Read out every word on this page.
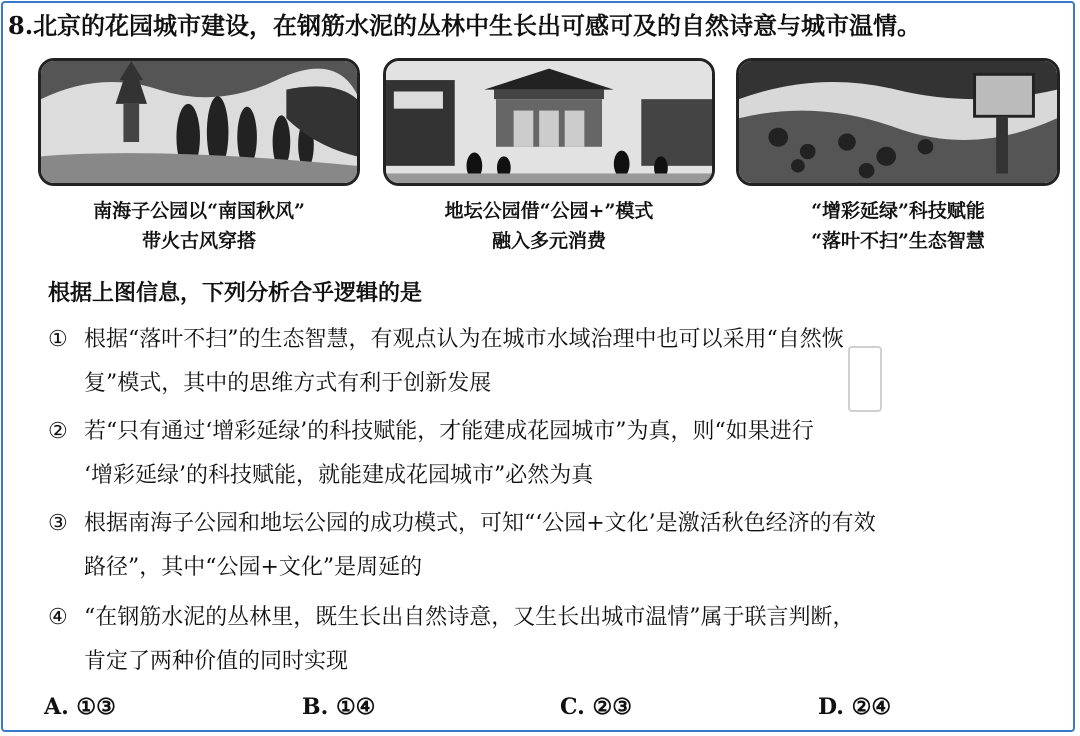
8.北京的花园城市建设，在钢筋水泥的丛林中生长出可感可及的自然诗意与城市温情。
南海子公园以“南国秋风”
带火古风穿搭
地坛公园借“公园+”模式
融入多元消费
“增彩延绿”科技赋能
“落叶不扫”生态智慧
根据上图信息，下列分析合乎逻辑的是
① 根据“落叶不扫”的生态智慧，有观点认为在城市水域治理中也可以采用“自然恢
复”模式，其中的思维方式有利于创新发展
② 若“只有通过‘增彩延绿’的科技赋能，才能建成花园城市”为真，则“如果进行
‘增彩延绿’的科技赋能，就能建成花园城市”必然为真
③ 根据南海子公园和地坛公园的成功模式，可知“‘公园+文化’是激活秋色经济的有效
路径”，其中“公园+文化”是周延的
④ “在钢筋水泥的丛林里，既生长出自然诗意，又生长出城市温情”属于联言判断，
肯定了两种价值的同时实现
A. ①③	B. ①④	C. ②③	D. ②④
